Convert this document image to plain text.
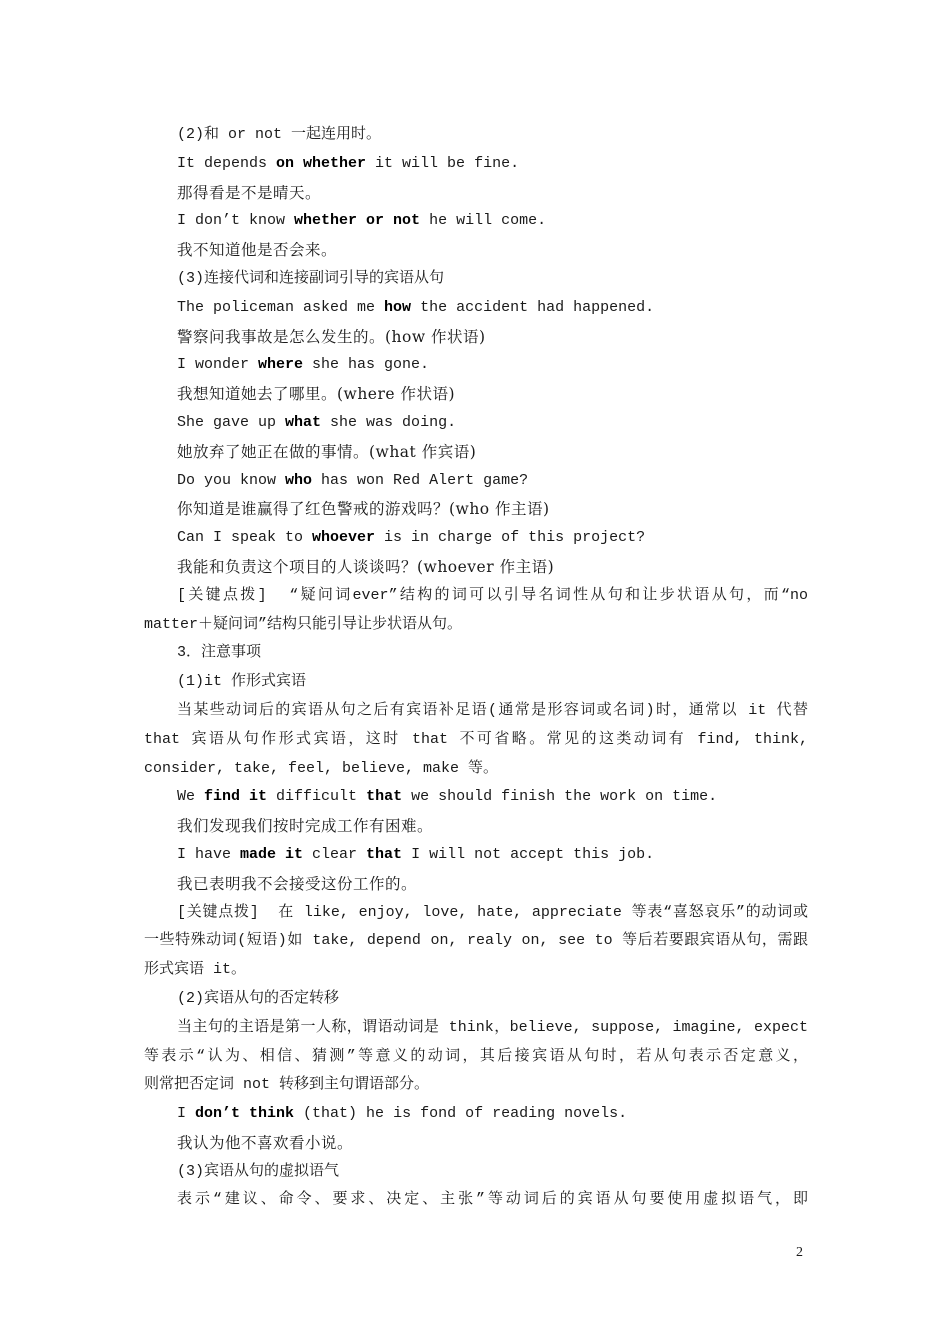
(2)和 or not 一起连用时。
It depends on whether it will be fine.
那得看是不是晴天。
I don’t know whether or not he will come.
我不知道他是否会来。
(3)连接代词和连接副词引导的宾语从句
The policeman asked me how the accident had happened.
警察问我事故是怎么发生的。(how 作状语)
I wonder where she has gone.
我想知道她去了哪里。(where 作状语)
She gave up what she was doing.
她放弃了她正在做的事情。(what 作宾语)
Do you know who has won Red Alert game?
你知道是谁赢得了红色警戒的游戏吗？(who 作主语)
Can I speak to whoever is in charge of this project?
我能和负责这个项目的人谈谈吗？(whoever 作主语)
[关键点拨]  “疑问词ever”结构的词可以引导名词性从句和让步状语从句，而“no
matter＋疑问词”结构只能引导让步状语从句。
3．注意事项
(1)it 作形式宾语
当某些动词后的宾语从句之后有宾语补足语(通常是形容词或名词)时，通常以 it 代替
that 宾语从句作形式宾语，这时 that 不可省略。常见的这类动词有 find, think,
consider, take, feel, believe, make 等。
We find it difficult that we should finish the work on time.
我们发现我们按时完成工作有困难。
I have made it clear that I will not accept this job.
我已表明我不会接受这份工作的。
[关键点拨]  在 like, enjoy, love, hate, appreciate 等表“喜怒哀乐”的动词或
一些特殊动词(短语)如 take, depend on, realy on, see to 等后若要跟宾语从句，需跟
形式宾语 it。
(2)宾语从句的否定转移
当主句的主语是第一人称，谓语动词是 think，believe, suppose, imagine, expect
等表示“认为、相信、猜测”等意义的动词，其后接宾语从句时，若从句表示否定意义，
则常把否定词 not 转移到主句谓语部分。
I don’t think (that) he is fond of reading novels.
我认为他不喜欢看小说。
(3)宾语从句的虚拟语气
表示“建议、命令、要求、决定、主张”等动词后的宾语从句要使用虚拟语气，即
2
